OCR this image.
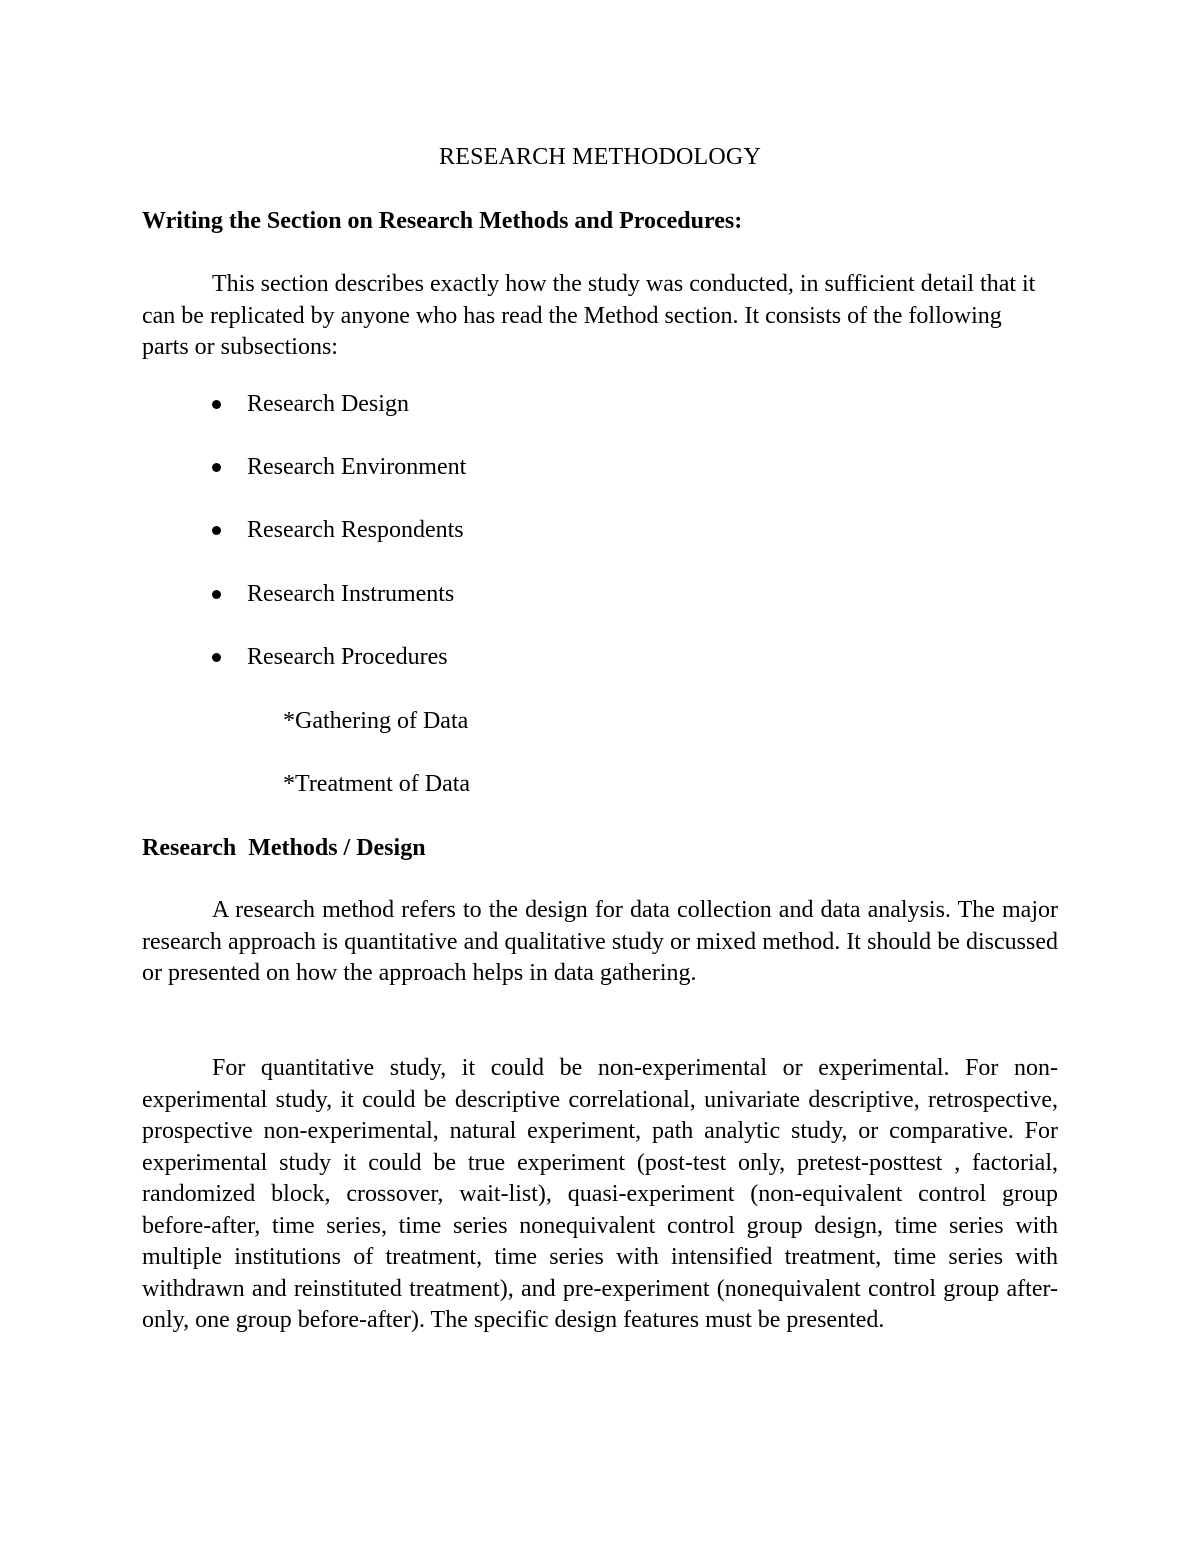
RESEARCH METHODOLOGY
Writing the Section on Research Methods and Procedures:
This section describes exactly how the study was conducted, in sufficient detail that it can be replicated by anyone who has read the Method section. It consists of the following parts or subsections:
Research Design
Research Environment
Research Respondents
Research Instruments
Research Procedures
*Gathering of Data
*Treatment of Data
Research  Methods / Design
A research method refers to the design for data collection and data analysis. The major research approach is quantitative and qualitative study or mixed method. It should be discussed or presented on how the approach helps in data gathering.
For quantitative study, it could be non-experimental or experimental. For non-experimental study, it could be descriptive correlational, univariate descriptive, retrospective, prospective non-experimental, natural experiment, path analytic study, or comparative. For experimental study it could be true experiment (post-test only, pretest-posttest , factorial, randomized block, crossover, wait-list), quasi-experiment (non-equivalent control group before-after, time series, time series nonequivalent control group design, time series with multiple institutions of treatment, time series with intensified treatment, time series with withdrawn and reinstituted treatment), and pre-experiment (nonequivalent control group after-only, one group before-after). The specific design features must be presented.
